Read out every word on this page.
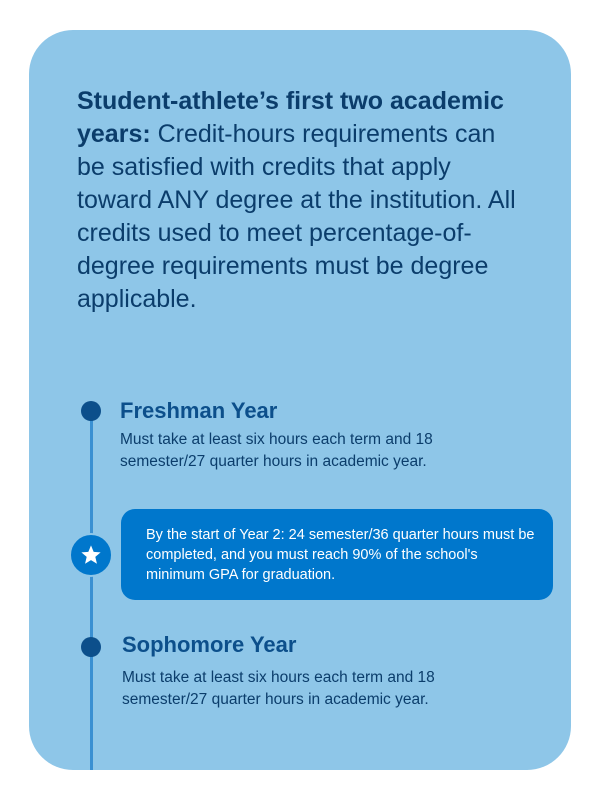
Student-athlete’s first two academic years: Credit-hours requirements can be satisfied with credits that apply toward ANY degree at the institution. All credits used to meet percentage-of-degree requirements must be degree applicable.

Freshman Year

Must take at least six hours each term and 18 semester/27 quarter hours in academic year.

By the start of Year 2: 24 semester/36 quarter hours must be completed, and you must reach 90% of the school's minimum GPA for graduation.

Sophomore Year

Must take at least six hours each term and 18 semester/27 quarter hours in academic year.
